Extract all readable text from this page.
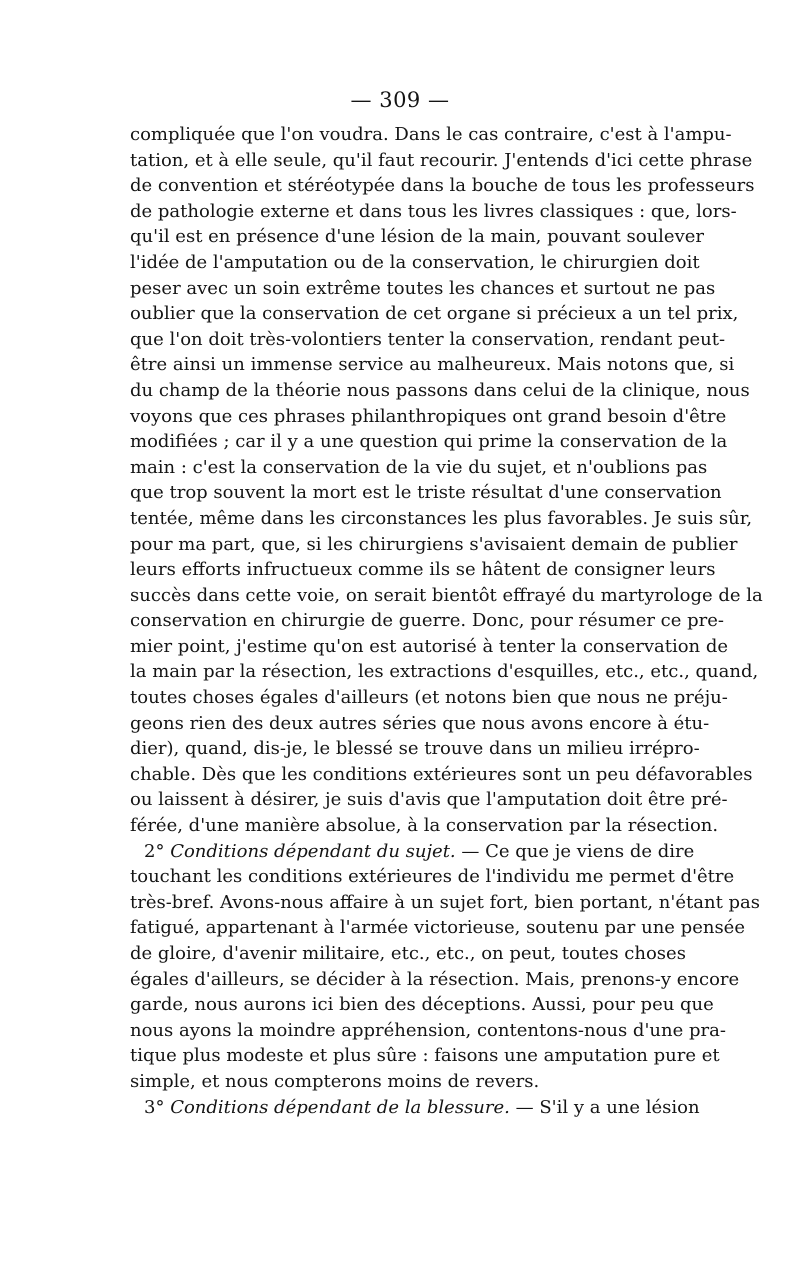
— 309 —
compliquée que l'on voudra. Dans le cas contraire, c'est à l'ampu-
tation, et à elle seule, qu'il faut recourir. J'entends d'ici cette phrase
de convention et stéréotypée dans la bouche de tous les professeurs
de pathologie externe et dans tous les livres classiques : que, lors-
qu'il est en présence d'une lésion de la main, pouvant soulever
l'idée de l'amputation ou de la conservation, le chirurgien doit
peser avec un soin extrême toutes les chances et surtout ne pas
oublier que la conservation de cet organe si précieux a un tel prix,
que l'on doit très-volontiers tenter la conservation, rendant peut-
être ainsi un immense service au malheureux. Mais notons que, si
du champ de la théorie nous passons dans celui de la clinique, nous
voyons que ces phrases philanthropiques ont grand besoin d'être
modifiées ; car il y a une question qui prime la conservation de la
main : c'est la conservation de la vie du sujet, et n'oublions pas
que trop souvent la mort est le triste résultat d'une conservation
tentée, même dans les circonstances les plus favorables. Je suis sûr,
pour ma part, que, si les chirurgiens s'avisaient demain de publier
leurs efforts infructueux comme ils se hâtent de consigner leurs
succès dans cette voie, on serait bientôt effrayé du martyrologe de la
conservation en chirurgie de guerre. Donc, pour résumer ce pre-
mier point, j'estime qu'on est autorisé à tenter la conservation de
la main par la résection, les extractions d'esquilles, etc., etc., quand,
toutes choses égales d'ailleurs (et notons bien que nous ne préju-
geons rien des deux autres séries que nous avons encore à étu-
dier), quand, dis-je, le blessé se trouve dans un milieu irrépro-
chable. Dès que les conditions extérieures sont un peu défavorables
ou laissent à désirer, je suis d'avis que l'amputation doit être pré-
férée, d'une manière absolue, à la conservation par la résection.
2° Conditions dépendant du sujet. — Ce que je viens de dire
touchant les conditions extérieures de l'individu me permet d'être
très-bref. Avons-nous affaire à un sujet fort, bien portant, n'étant pas
fatigué, appartenant à l'armée victorieuse, soutenu par une pensée
de gloire, d'avenir militaire, etc., etc., on peut, toutes choses
égales d'ailleurs, se décider à la résection. Mais, prenons-y encore
garde, nous aurons ici bien des déceptions. Aussi, pour peu que
nous ayons la moindre appréhension, contentons-nous d'une pra-
tique plus modeste et plus sûre : faisons une amputation pure et
simple, et nous compterons moins de revers.
3° Conditions dépendant de la blessure. — S'il y a une lésion
